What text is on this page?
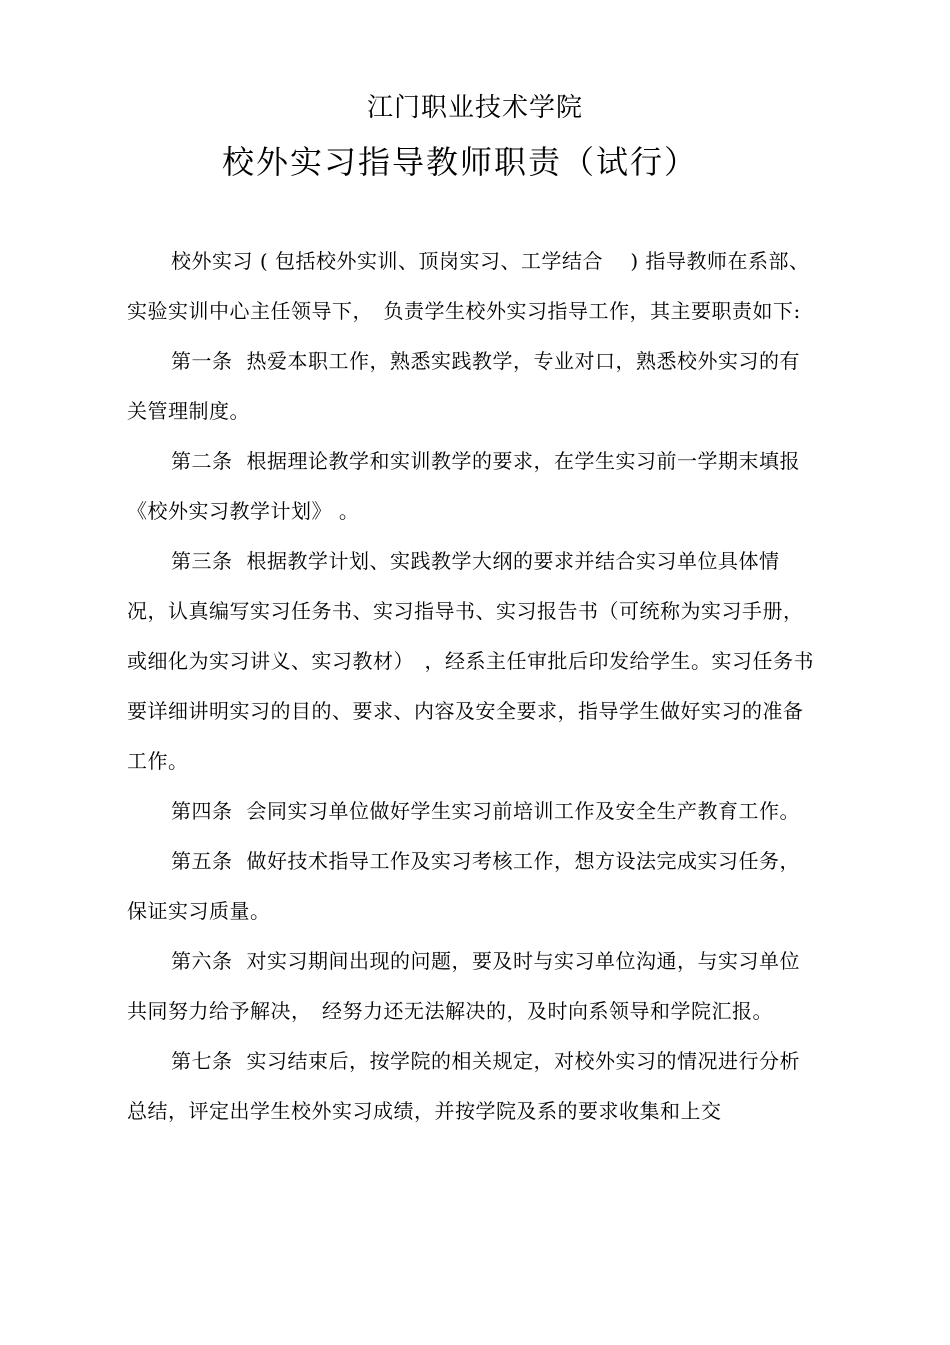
江门职业技术学院
校外实习指导教师职责（试行）

校外实习 ( 包括校外实训、顶岗实习、工学结合　 ) 指导教师在系部、实验实训中心主任领导下，　负责学生校外实习指导工作，其主要职责如下:

第一条 热爱本职工作，熟悉实践教学，专业对口，熟悉校外实习的有关管理制度。

第二条 根据理论教学和实训教学的要求，在学生实习前一学期末填报《校外实习教学计划》 。

第三条 根据教学计划、实践教学大纲的要求并结合实习单位具体情况，认真编写实习任务书、实习指导书、实习报告书（可统称为实习手册，或细化为实习讲义、实习教材）　，经系主任审批后印发给学生。实习任务书要详细讲明实习的目的、要求、内容及安全要求，指导学生做好实习的准备工作。

第四条 会同实习单位做好学生实习前培训工作及安全生产教育工作。

第五条 做好技术指导工作及实习考核工作，想方设法完成实习任务，保证实习质量。

第六条 对实习期间出现的问题，要及时与实习单位沟通，与实习单位共同努力给予解决，　经努力还无法解决的，及时向系领导和学院汇报。

第七条 实习结束后，按学院的相关规定，对校外实习的情况进行分析总结，评定出学生校外实习成绩，并按学院及系的要求收集和上交
